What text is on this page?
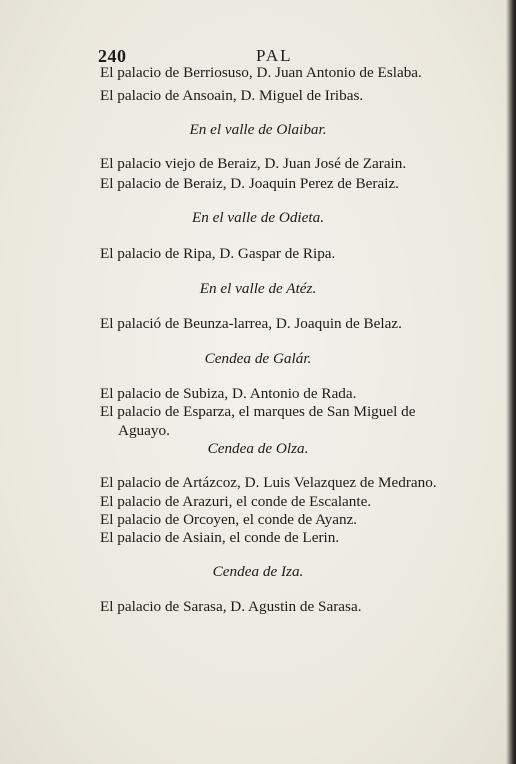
240	PAL
El palacio de Berriosuso, D. Juan Antonio de Eslaba.
El palacio de Ansoain, D. Miguel de Iribas.
En el valle de Olaibar.
El palacio viejo de Beraiz, D. Juan José de Zarain.
El palacio de Beraiz, D. Joaquin Perez de Beraiz.
En el valle de Odieta.
El palacio de Ripa, D. Gaspar de Ripa.
En el valle de Atéz.
El palació de Beunza-larrea, D. Joaquin de Belaz.
Cendea de Galár.
El palacio de Subiza, D. Antonio de Rada.
El palacio de Esparza, el marques de San Miguel de
Aguayo.
Cendea de Olza.
El palacio de Artázcoz, D. Luis Velazquez de Medrano.
El palacio de Arazuri, el conde de Escalante.
El palacio de Orcoyen, el conde de Ayanz.
El palacio de Asiain, el conde de Lerin.
Cendea de Iza.
El palacio de Sarasa, D. Agustin de Sarasa.
